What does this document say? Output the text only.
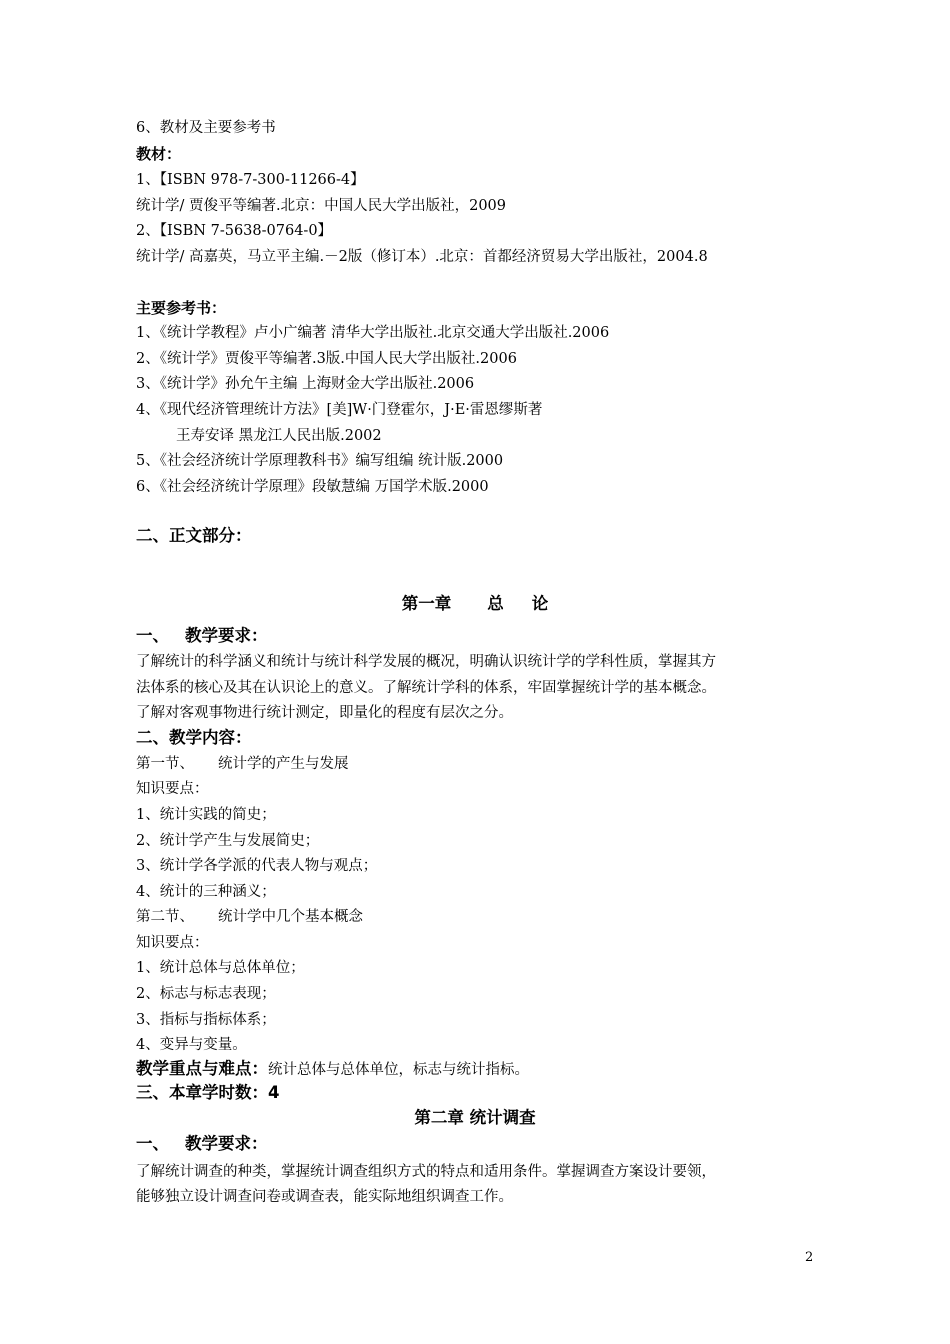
6、教材及主要参考书
教材：
1、【ISBN 978-7-300-11266-4】
统计学/ 贾俊平等编著.北京：中国人民大学出版社，2009
2、【ISBN 7-5638-0764-0】
统计学/ 高嘉英，马立平主编.－2版（修订本）.北京：首都经济贸易大学出版社，2004.8
主要参考书：
1、《统计学教程》卢小广编著 清华大学出版社.北京交通大学出版社.2006
2、《统计学》贾俊平等编著.3版.中国人民大学出版社.2006
3、《统计学》孙允午主编 上海财金大学出版社.2006
4、《现代经济管理统计方法》[美]W·门登霍尔，J·E·雷恩缪斯著
王寿安译 黑龙江人民出版.2002
5、《社会经济统计学原理教科书》编写组编 统计版.2000
6、《社会经济统计学原理》段敏慧编 万国学术版.2000
二、正文部分：
第一章 总 论
一、 教学要求：
了解统计的科学涵义和统计与统计科学发展的概况，明确认识统计学的学科性质，掌握其方
法体系的核心及其在认识论上的意义。了解统计学科的体系，牢固掌握统计学的基本概念。
了解对客观事物进行统计测定，即量化的程度有层次之分。
二、教学内容：
第一节、 统计学的产生与发展
知识要点：
1、统计实践的简史；
2、统计学产生与发展简史；
3、统计学各学派的代表人物与观点；
4、统计的三种涵义；
第二节、 统计学中几个基本概念
知识要点：
1、统计总体与总体单位；
2、标志与标志表现；
3、指标与指标体系；
4、变异与变量。
教学重点与难点：统计总体与总体单位，标志与统计指标。
三、本章学时数：4
第二章 统计调查
一、 教学要求：
了解统计调查的种类，掌握统计调查组织方式的特点和适用条件。掌握调查方案设计要领，
能够独立设计调查问卷或调查表，能实际地组织调查工作。
2
